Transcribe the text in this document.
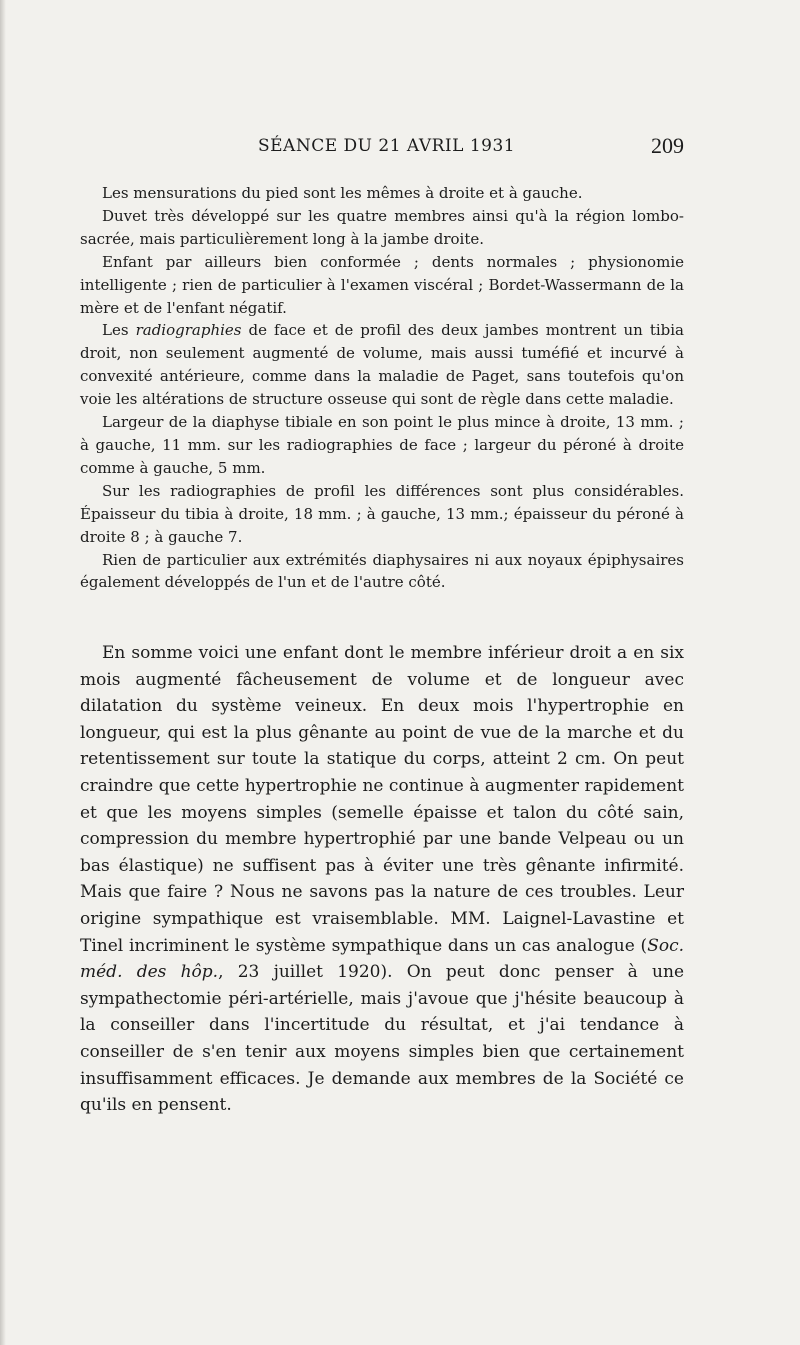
SÉANCE DU 21 AVRIL 1931	209

Les mensurations du pied sont les mêmes à droite et à gauche.

Duvet très développé sur les quatre membres ainsi qu'à la région lombo-sacrée, mais particulièrement long à la jambe droite.

Enfant par ailleurs bien conformée ; dents normales ; physionomie intelligente ; rien de particulier à l'examen viscéral ; Bordet-Wassermann de la mère et de l'enfant négatif.

Les radiographies de face et de profil des deux jambes montrent un tibia droit, non seulement augmenté de volume, mais aussi tuméfié et incurvé à convexité antérieure, comme dans la maladie de Paget, sans toutefois qu'on voie les altérations de structure osseuse qui sont de règle dans cette maladie.

Largeur de la diaphyse tibiale en son point le plus mince à droite, 13 mm. ; à gauche, 11 mm. sur les radiographies de face ; largeur du péroné à droite comme à gauche, 5 mm.

Sur les radiographies de profil les différences sont plus considérables. Épaisseur du tibia à droite, 18 mm. ; à gauche, 13 mm.; épaisseur du péroné à droite 8 ; à gauche 7.

Rien de particulier aux extrémités diaphysaires ni aux noyaux épiphysaires également développés de l'un et de l'autre côté.

En somme voici une enfant dont le membre inférieur droit a en six mois augmenté fâcheusement de volume et de longueur avec dilatation du système veineux. En deux mois l'hypertrophie en longueur, qui est la plus gênante au point de vue de la marche et du retentissement sur toute la statique du corps, atteint 2 cm. On peut craindre que cette hypertrophie ne continue à augmenter rapidement et que les moyens simples (semelle épaisse et talon du côté sain, compression du membre hypertrophié par une bande Velpeau ou un bas élastique) ne suffisent pas à éviter une très gênante infirmité. Mais que faire ? Nous ne savons pas la nature de ces troubles. Leur origine sympathique est vraisemblable. MM. Laignel-Lavastine et Tinel incriminent le système sympathique dans un cas analogue (Soc. méd. des hôp., 23 juillet 1920). On peut donc penser à une sympathectomie péri-artérielle, mais j'avoue que j'hésite beaucoup à la conseiller dans l'incertitude du résultat, et j'ai tendance à conseiller de s'en tenir aux moyens simples bien que certainement insuffisamment efficaces. Je demande aux membres de la Société ce qu'ils en pensent.
